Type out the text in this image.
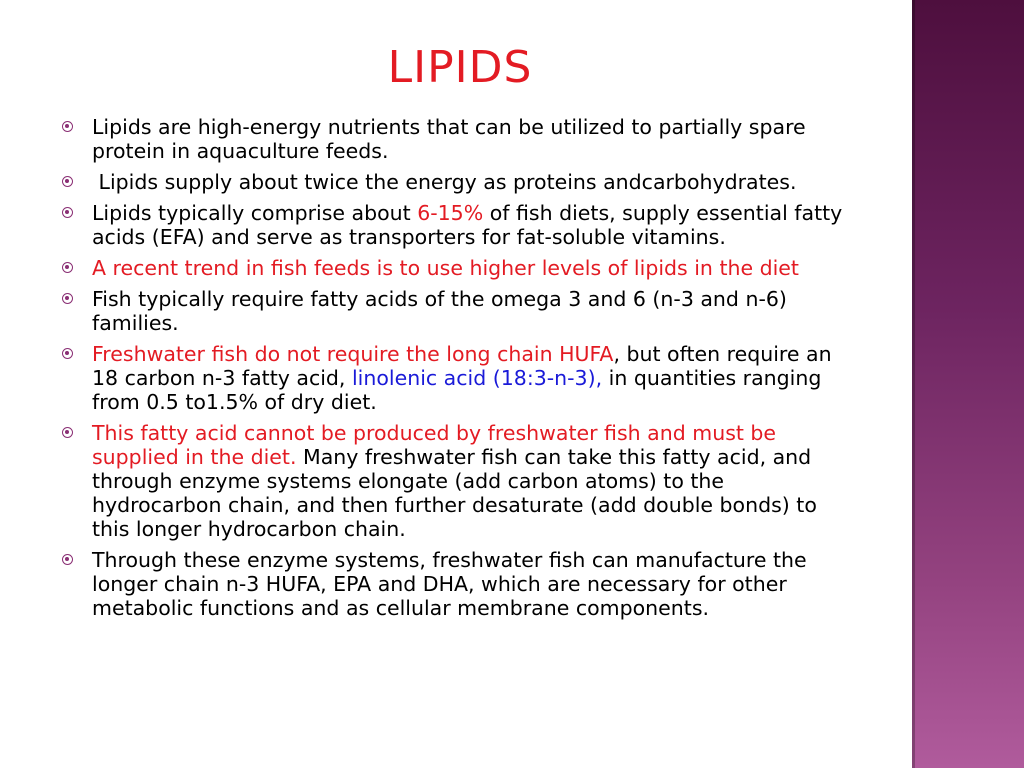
LIPIDS
Lipids are high-energy nutrients that can be utilized to partially spare protein in aquaculture feeds.
Lipids supply about twice the energy as proteins andcarbohydrates.
Lipids typically comprise about 6-15% of fish diets, supply essential fatty acids (EFA) and serve as transporters for fat-soluble vitamins.
A recent trend in fish feeds is to use higher levels of lipids in the diet
Fish typically require fatty acids of the omega 3 and 6 (n-3 and n-6) families.
Freshwater fish do not require the long chain HUFA, but often require an 18 carbon n-3 fatty acid, linolenic acid (18:3-n-3), in quantities ranging from 0.5 to1.5% of dry diet.
This fatty acid cannot be produced by freshwater fish and must be supplied in the diet. Many freshwater fish can take this fatty acid, and through enzyme systems elongate (add carbon atoms) to the hydrocarbon chain, and then further desaturate (add double bonds) to this longer hydrocarbon chain.
Through these enzyme systems, freshwater fish can manufacture the longer chain n-3 HUFA, EPA and DHA, which are necessary for other metabolic functions and as cellular membrane components.
